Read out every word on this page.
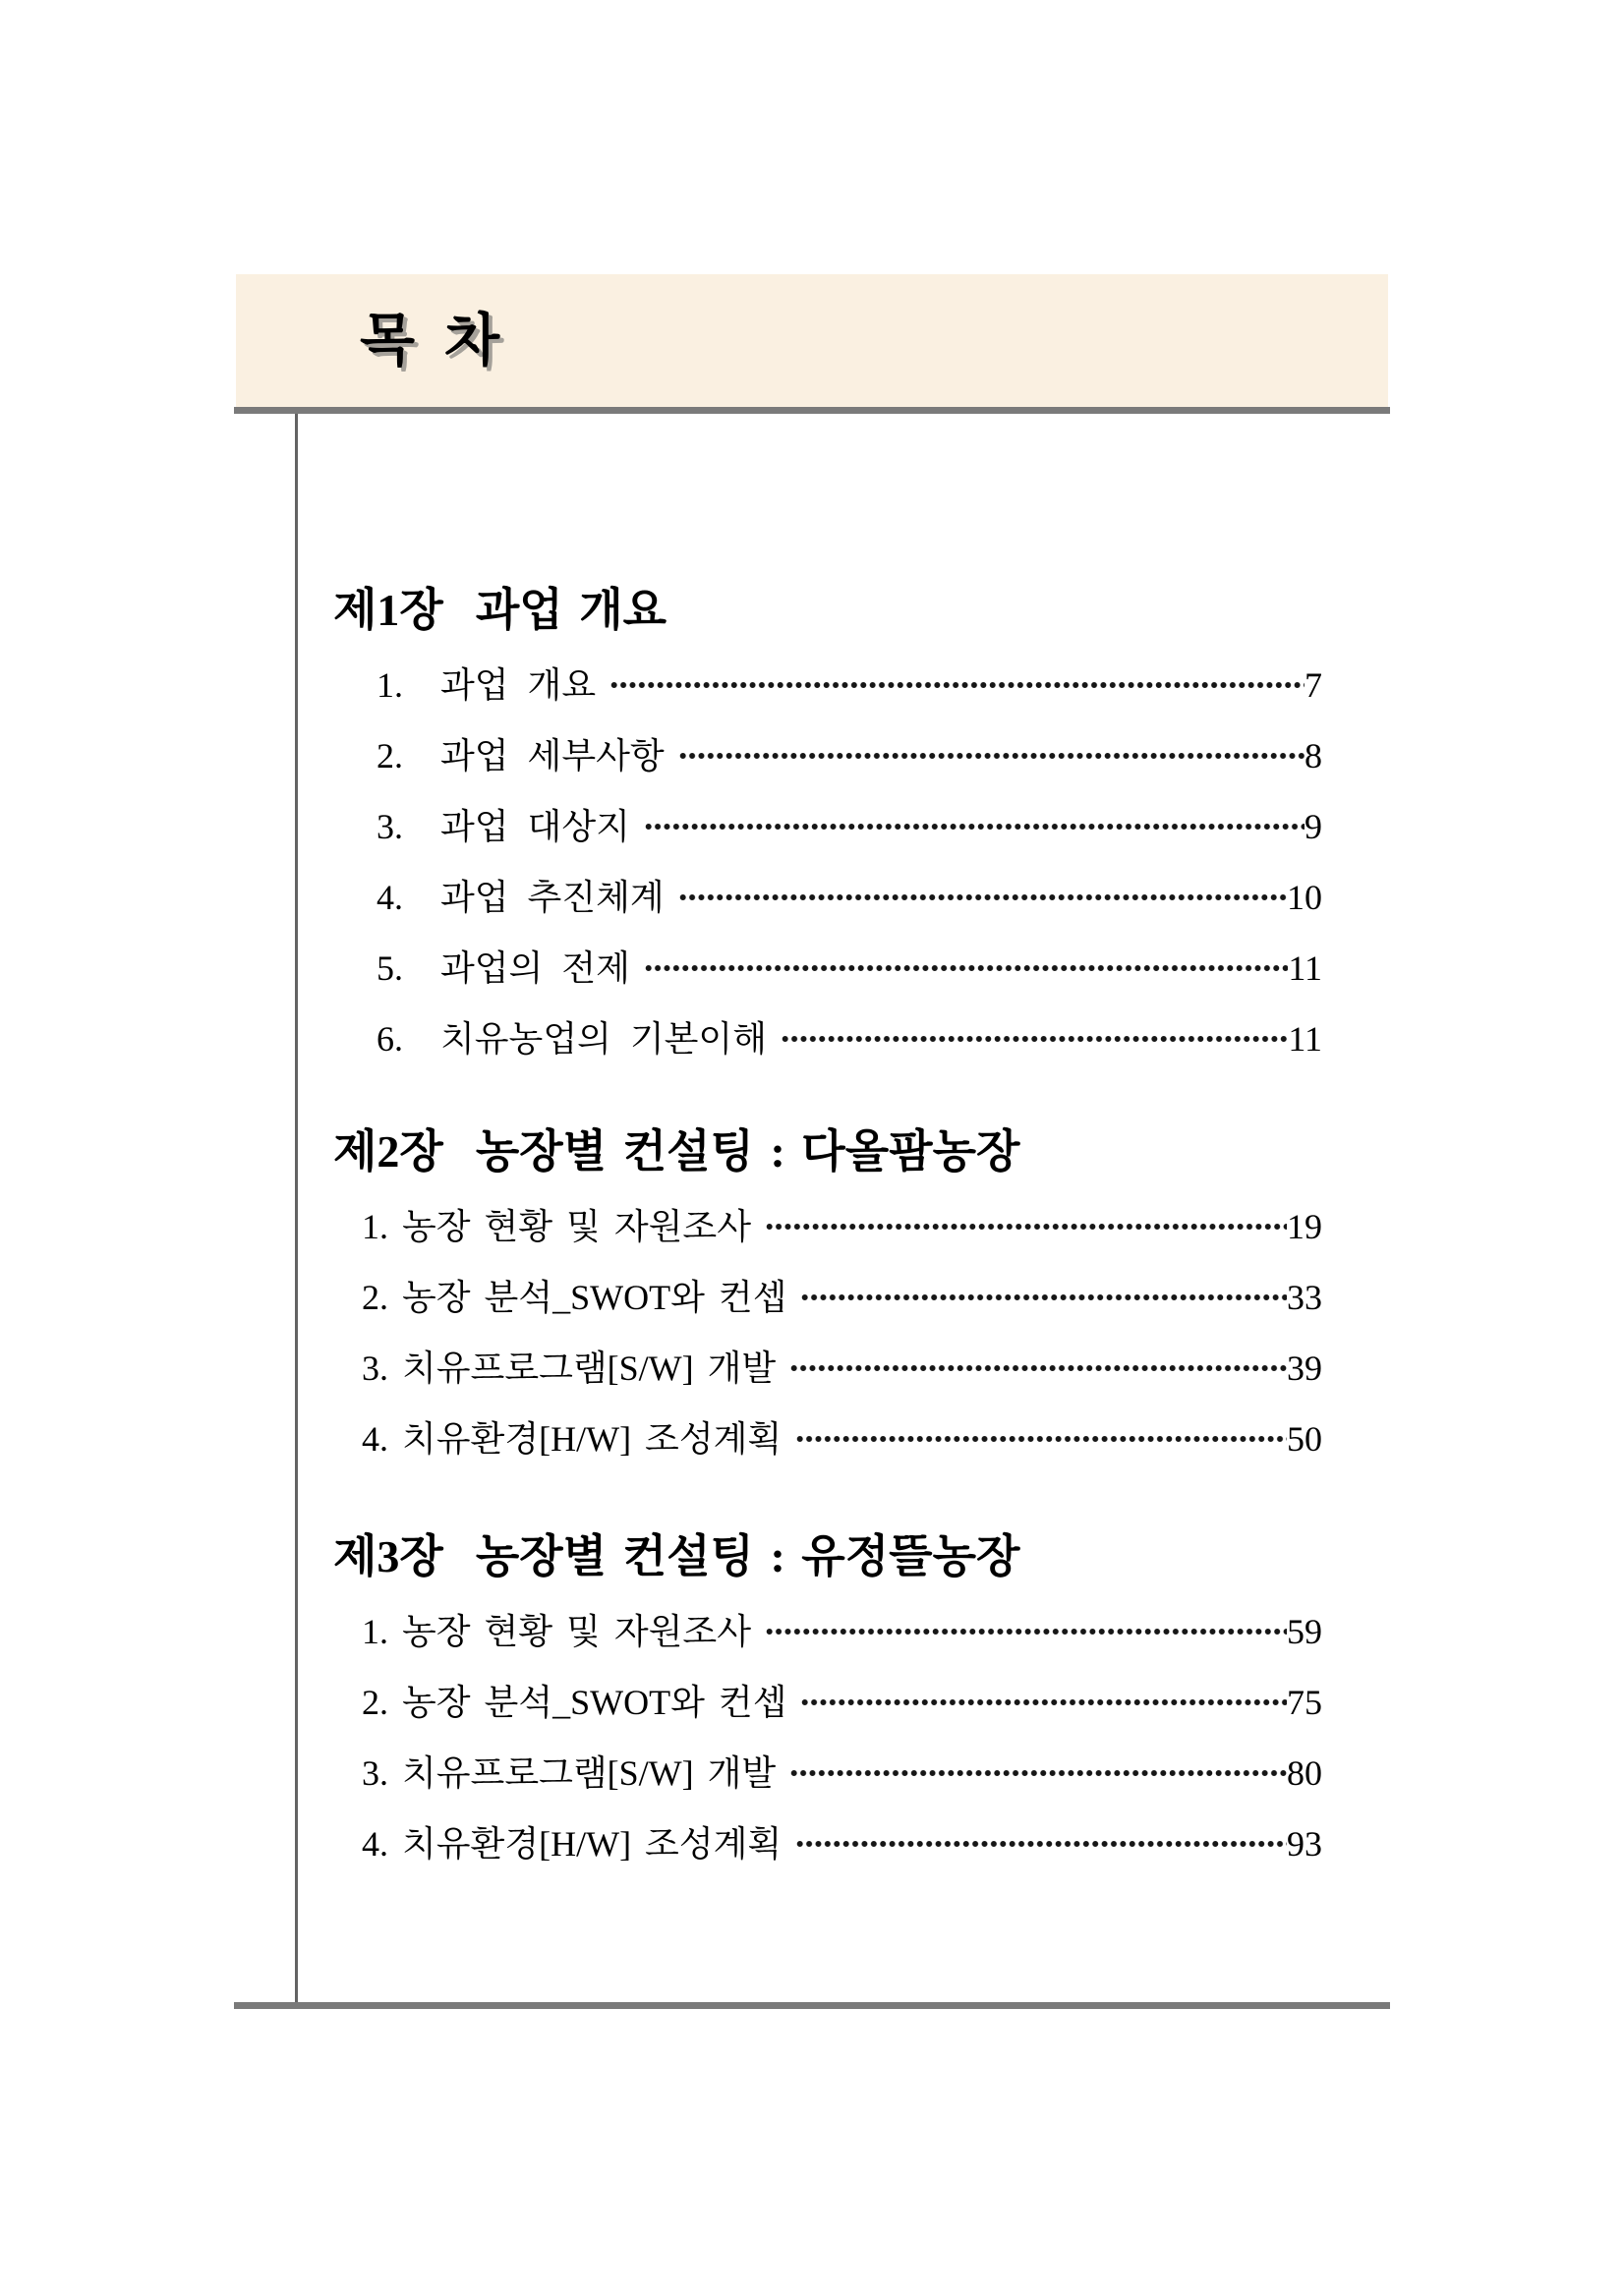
목 차
제1장  과업 개요
1.  과업 개요	7
2.  과업 세부사항	8
3.  과업 대상지	9
4.  과업 추진체계	10
5.  과업의 전제	11
6.  치유농업의 기본이해	11
제2장  농장별 컨설팅 : 다올팜농장
1. 농장 현황 및 자원조사	19
2. 농장 분석_SWOT와 컨셉	33
3. 치유프로그램[S/W] 개발	39
4. 치유환경[H/W] 조성계획	50
제3장  농장별 컨설팅 : 유정뜰농장
1. 농장 현황 및 자원조사	59
2. 농장 분석_SWOT와 컨셉	75
3. 치유프로그램[S/W] 개발	80
4. 치유환경[H/W] 조성계획	93
